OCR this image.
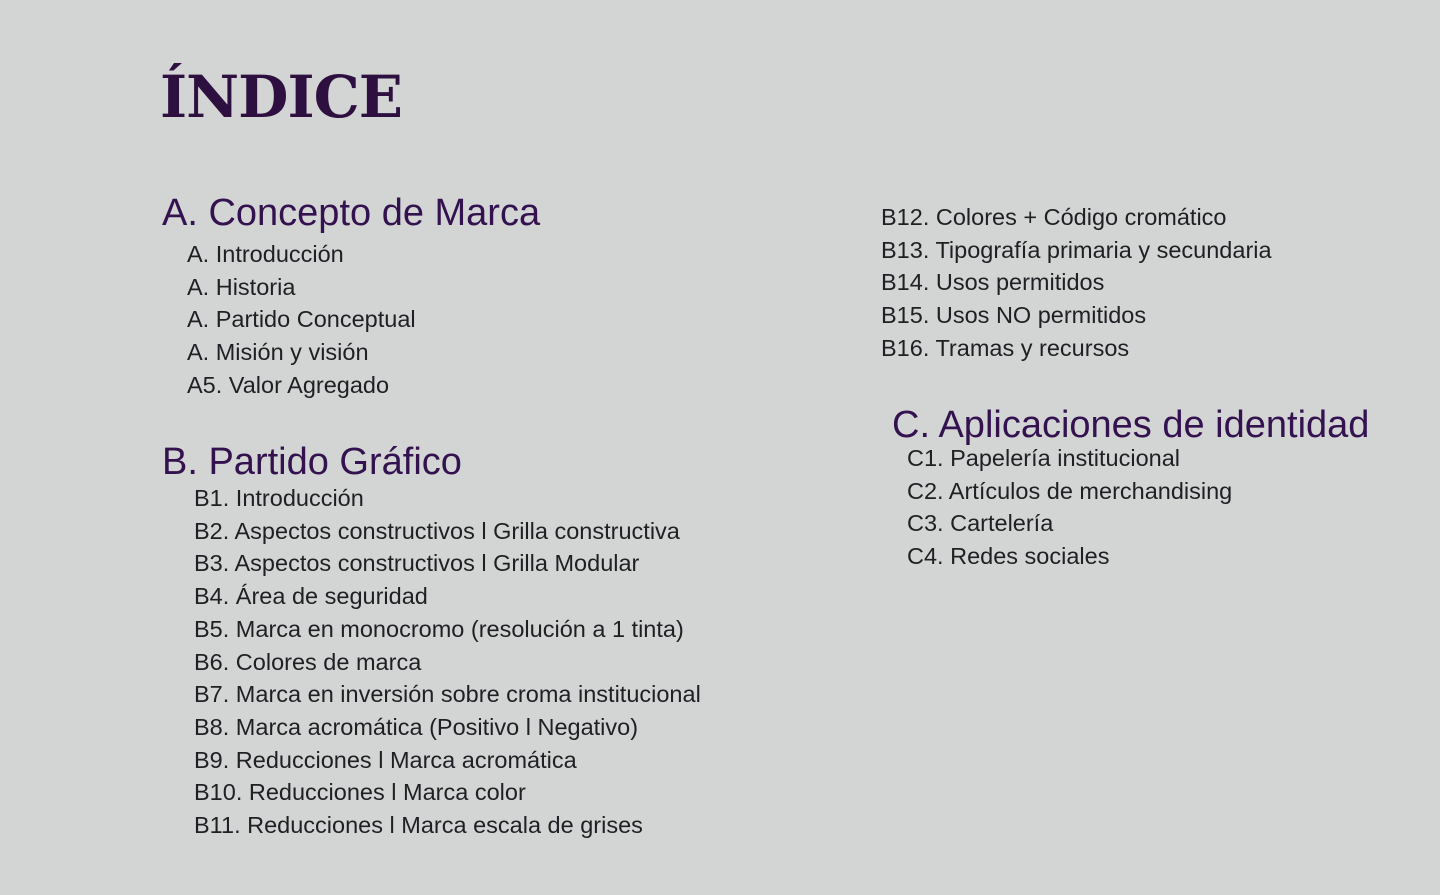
ÍNDICE
A. Concepto de Marca
A. Introducción
A. Historia
A. Partido Conceptual
A. Misión y visión
A5. Valor Agregado
B. Partido Gráfico
B1. Introducción
B2. Aspectos constructivos l Grilla constructiva
B3. Aspectos constructivos l Grilla Modular
B4. Área de seguridad
B5. Marca en monocromo (resolución a 1 tinta)
B6. Colores de marca
B7. Marca en inversión sobre croma institucional
B8. Marca acromática (Positivo l Negativo)
B9. Reducciones l Marca acromática
B10. Reducciones l Marca color
B11. Reducciones l Marca escala de grises
B12. Colores + Código cromático
B13. Tipografía primaria y secundaria
B14. Usos permitidos
B15. Usos NO permitidos
B16. Tramas y recursos
C. Aplicaciones de identidad
C1. Papelería institucional
C2. Artículos de merchandising
C3. Cartelería
C4. Redes sociales
